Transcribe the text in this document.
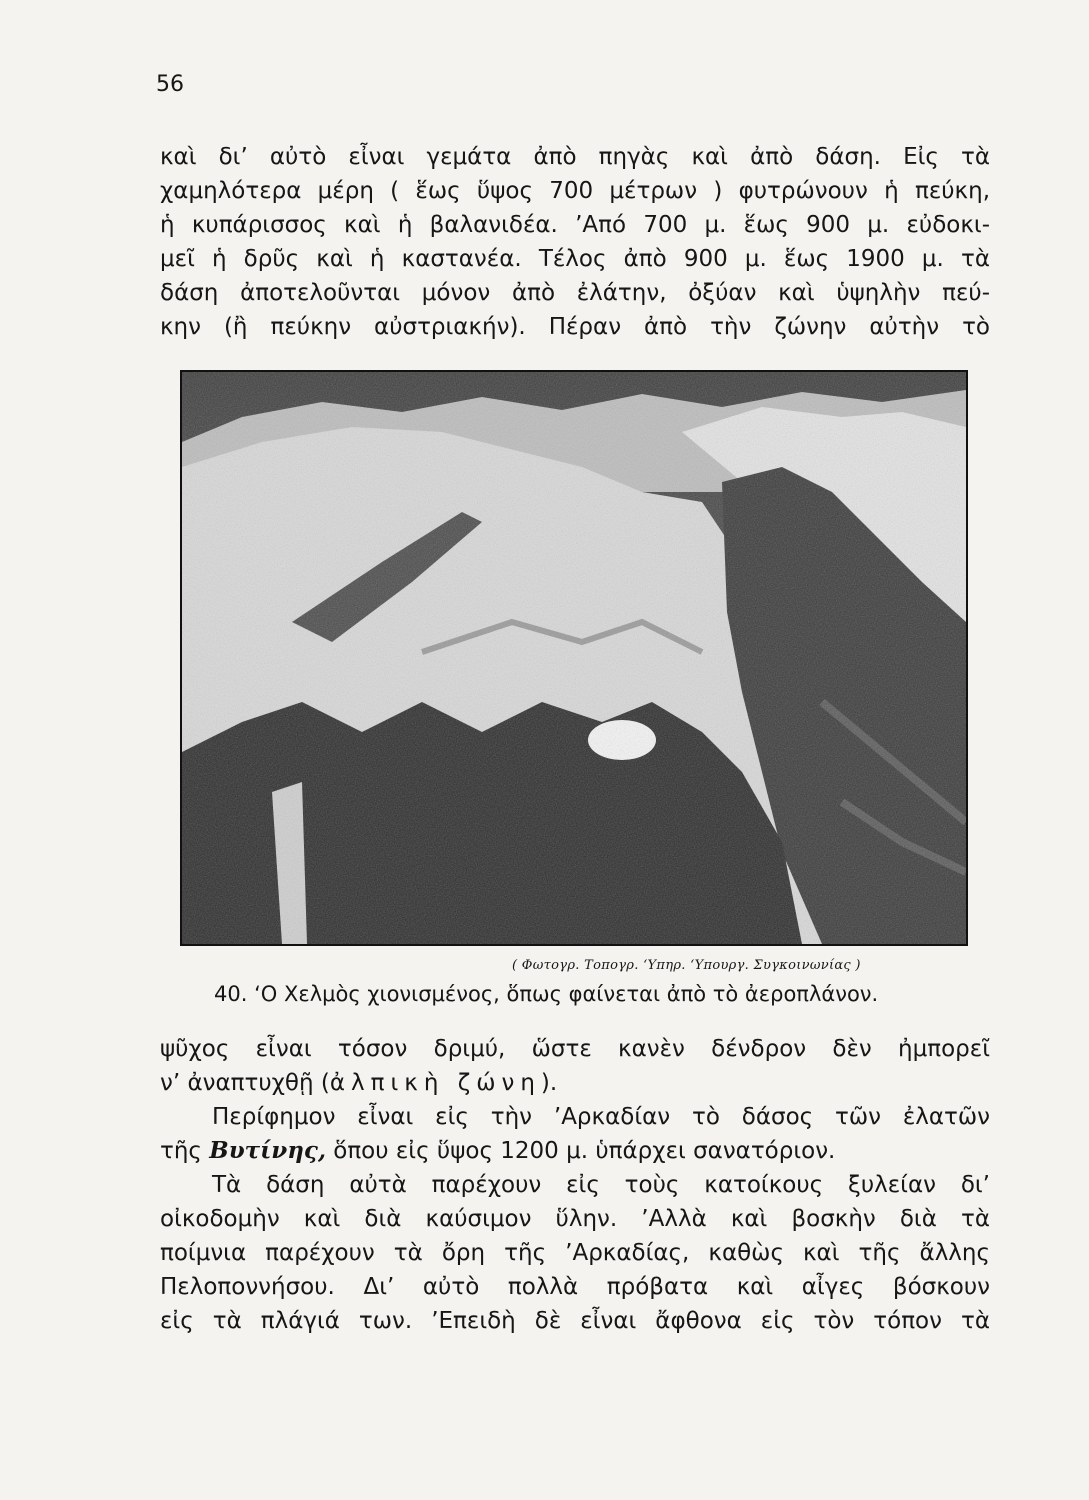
56

καὶ δι’ αὐτὸ εἶναι γεμάτα ἀπὸ πηγὰς καὶ ἀπὸ δάση. Εἰς τὰ
χαμηλότερα μέρη ( ἕως ὕψος 700 μέτρων ) φυτρώνουν ἡ πεύκη,
ἡ κυπάρισσος καὶ ἡ βαλανιδέα. ’Από 700 μ. ἕως 900 μ. εὐδοκι-
μεῖ ἡ δρῦς καὶ ἡ καστανέα. Τέλος ἀπὸ 900 μ. ἕως 1900 μ. τὰ
δάση ἀποτελοῦνται μόνον ἀπὸ ἐλάτην, ὀξύαν καὶ ὑψηλὴν πεύ-
κην (ἢ πεύκην αὐστριακήν). Πέραν ἀπὸ τὴν ζώνην αὐτὴν τὸ

( Φωτογρ. Τοπογρ. ‘Υπηρ. ‘Υπουργ. Συγκοινωνίας )
40. ‘Ο Χελμὸς χιονισμένος, ὅπως φαίνεται ἀπὸ τὸ ἀεροπλάνον.

ψῦχος εἶναι τόσον δριμύ, ὥστε κανὲν δένδρον δὲν ἠμπορεῖ
ν’ ἀναπτυχθῇ (ἀλπικὴ ζώνη).

Περίφημον εἶναι εἰς τὴν ’Αρκαδίαν τὸ δάσος τῶν ἐλατῶν
τῆς Βυτίνης, ὅπου εἰς ὕψος 1200 μ. ὑπάρχει σανατόριον.

Τὰ δάση αὐτὰ παρέχουν εἰς τοὺς κατοίκους ξυλείαν δι’
οἰκοδομὴν καὶ διὰ καύσιμον ὕλην. ’Αλλὰ καὶ βοσκὴν διὰ τὰ
ποίμνια παρέχουν τὰ ὄρη τῆς ’Αρκαδίας, καθὼς καὶ τῆς ἄλλης
Πελοποννήσου. Δι’ αὐτὸ πολλὰ πρόβατα καὶ αἶγες βόσκουν
εἰς τὰ πλάγιά των. ’Επειδὴ δὲ εἶναι ἄφθονα εἰς τὸν τόπον τὰ
